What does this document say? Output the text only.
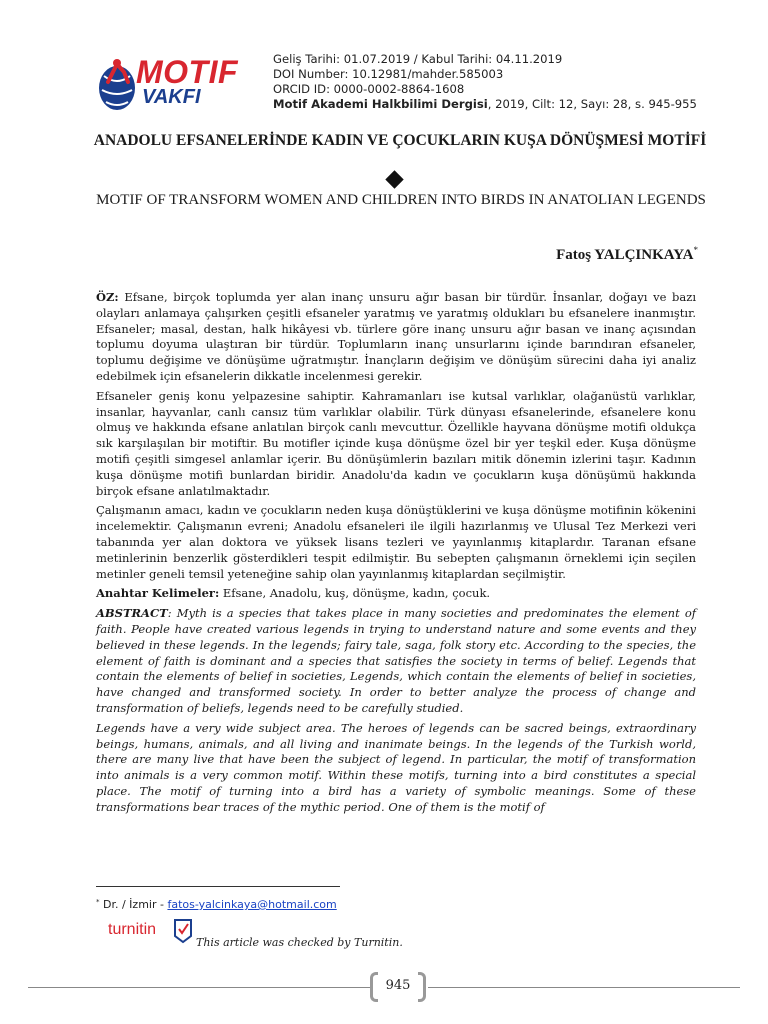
MOTIF
VAKFI
Geliş Tarihi: 01.07.2019 / Kabul Tarihi: 04.11.2019
DOI Number: 10.12981/mahder.585003
ORCID ID: 0000-0002-8864-1608
Motif Akademi Halkbilimi Dergisi, 2019, Cilt: 12, Sayı: 28, s. 945-955
ANADOLU EFSANELERİNDE KADIN VE ÇOCUKLARIN KUŞA DÖNÜŞMESİ MOTİFİ
MOTIF OF TRANSFORM WOMEN AND CHILDREN INTO BIRDS IN ANATOLIAN LEGENDS
Fatoş YALÇINKAYA*

ÖZ: Efsane, birçok toplumda yer alan inanç unsuru ağır basan bir türdür. İnsanlar, doğayı ve bazı olayları anlamaya çalışırken çeşitli efsaneler yaratmış ve yaratmış oldukları bu efsanelere inanmıştır. Efsaneler; masal, destan, halk hikâyesi vb. türlere göre inanç unsuru ağır basan ve inanç açısından toplumu doyuma ulaştıran bir türdür. Toplumların inanç unsurlarını içinde barındıran efsaneler, toplumu değişime ve dönüşüme uğratmıştır. İnançların değişim ve dönüşüm sürecini daha iyi analiz edebilmek için efsanelerin dikkatle incelenmesi gerekir.

Efsaneler geniş konu yelpazesine sahiptir. Kahramanları ise kutsal varlıklar, olağanüstü varlıklar, insanlar, hayvanlar, canlı cansız tüm varlıklar olabilir. Türk dünyası efsanelerinde, efsanelere konu olmuş ve hakkında efsane anlatılan birçok canlı mevcuttur. Özellikle hayvana dönüşme motifi oldukça sık karşılaşılan bir motiftir. Bu motifler içinde kuşa dönüşme özel bir yer teşkil eder. Kuşa dönüşme motifi çeşitli simgesel anlamlar içerir. Bu dönüşümlerin bazıları mitik dönemin izlerini taşır. Kadının kuşa dönüşme motifi bunlardan biridir. Anadolu'da kadın ve çocukların kuşa dönüşümü hakkında birçok efsane anlatılmaktadır.

Çalışmanın amacı, kadın ve çocukların neden kuşa dönüştüklerini ve kuşa dönüşme motifinin kökenini incelemektir. Çalışmanın evreni; Anadolu efsaneleri ile ilgili hazırlanmış ve Ulusal Tez Merkezi veri tabanında yer alan doktora ve yüksek lisans tezleri ve yayınlanmış kitaplardır. Taranan efsane metinlerinin benzerlik gösterdikleri tespit edilmiştir. Bu sebepten çalışmanın örneklemi için seçilen metinler geneli temsil yeteneğine sahip olan yayınlanmış kitaplardan seçilmiştir.

Anahtar Kelimeler: Efsane, Anadolu, kuş, dönüşme, kadın, çocuk.

ABSTRACT: Myth is a species that takes place in many societies and predominates the element of faith. People have created various legends in trying to understand nature and some events and they believed in these legends. In the legends; fairy tale, saga, folk story etc. According to the species, the element of faith is dominant and a species that satisfies the society in terms of belief. Legends that contain the elements of belief in societies, Legends, which contain the elements of belief in societies, have changed and transformed society. In order to better analyze the process of change and transformation of beliefs, legends need to be carefully studied.

Legends have a very wide subject area. The heroes of legends can be sacred beings, extraordinary beings, humans, animals, and all living and inanimate beings. In the legends of the Turkish world, there are many live that have been the subject of legend. In particular, the motif of transformation into animals is a very common motif. Within these motifs, turning into a bird constitutes a special place. The motif of turning into a bird has a variety of symbolic meanings. Some of these transformations bear traces of the mythic period. One of them is the motif of

* Dr. / İzmir - fatos-yalcinkaya@hotmail.com
turnitin
This article was checked by Turnitin.
945
